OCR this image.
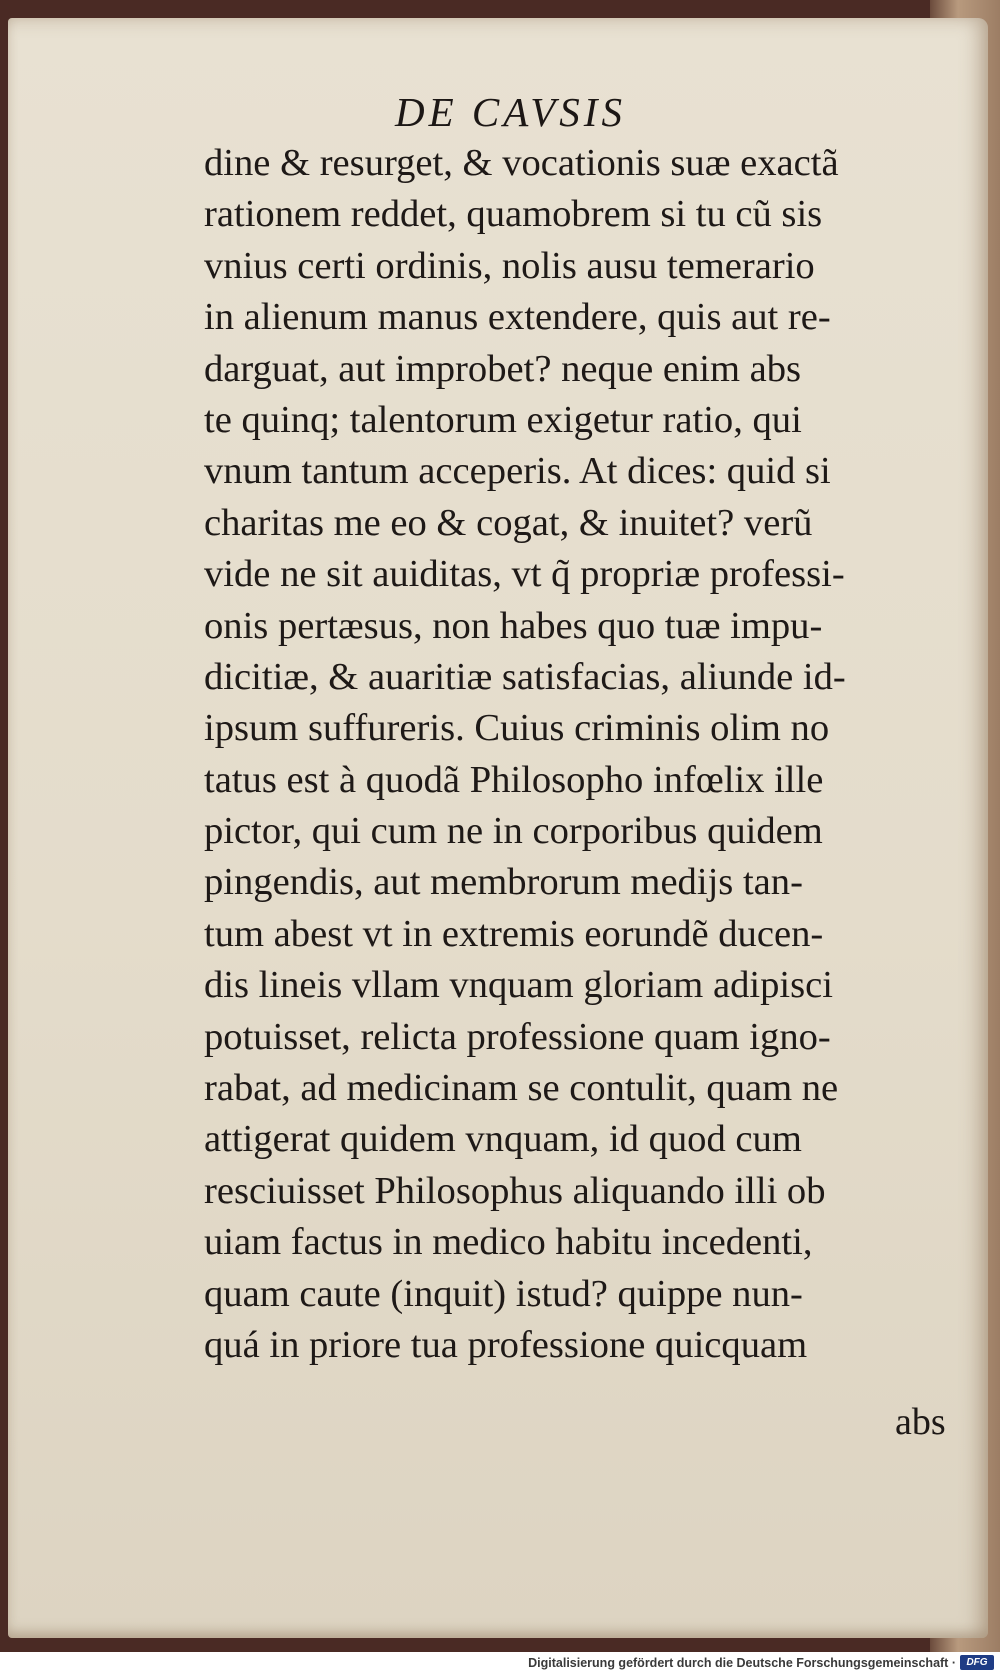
DE CAVSIS
dine & resurget, & vocationis suæ exactã
rationem reddet, quamobrem si tu cũ sis
vnius certi ordinis, nolis ausu temerario
in alienum manus extendere, quis aut re-
darguat, aut improbet? neque enim abs
te quinq; talentorum exigetur ratio, qui
vnum tantum acceperis. At dices: quid si
charitas me eo & cogat, & inuitet? verũ
vide ne sit auiditas, vt q̃ propriæ professi-
onis pertæsus, non habes quo tuæ impu-
dicitiæ, & auaritiæ satisfacias, aliunde id-
ipsum suffureris. Cuius criminis olim no
tatus est à quodã Philosopho infœlix ille
pictor, qui cum ne in corporibus quidem
pingendis, aut membrorum medijs tan-
tum abest vt in extremis eorundẽ ducen-
dis lineis vllam vnquam gloriam adipisci
potuisset, relicta professione quam igno-
rabat, ad medicinam se contulit, quam ne
attigerat quidem vnquam, id quod cum
resciuisset Philosophus aliquando illi ob
uiam factus in medico habitu incedenti,
quam caute (inquit) istud? quippe nun-
quá in priore tua professione quicquam
abs
Digitalisierung gefördert durch die Deutsche Forschungsgemeinschaft ·	DFG
